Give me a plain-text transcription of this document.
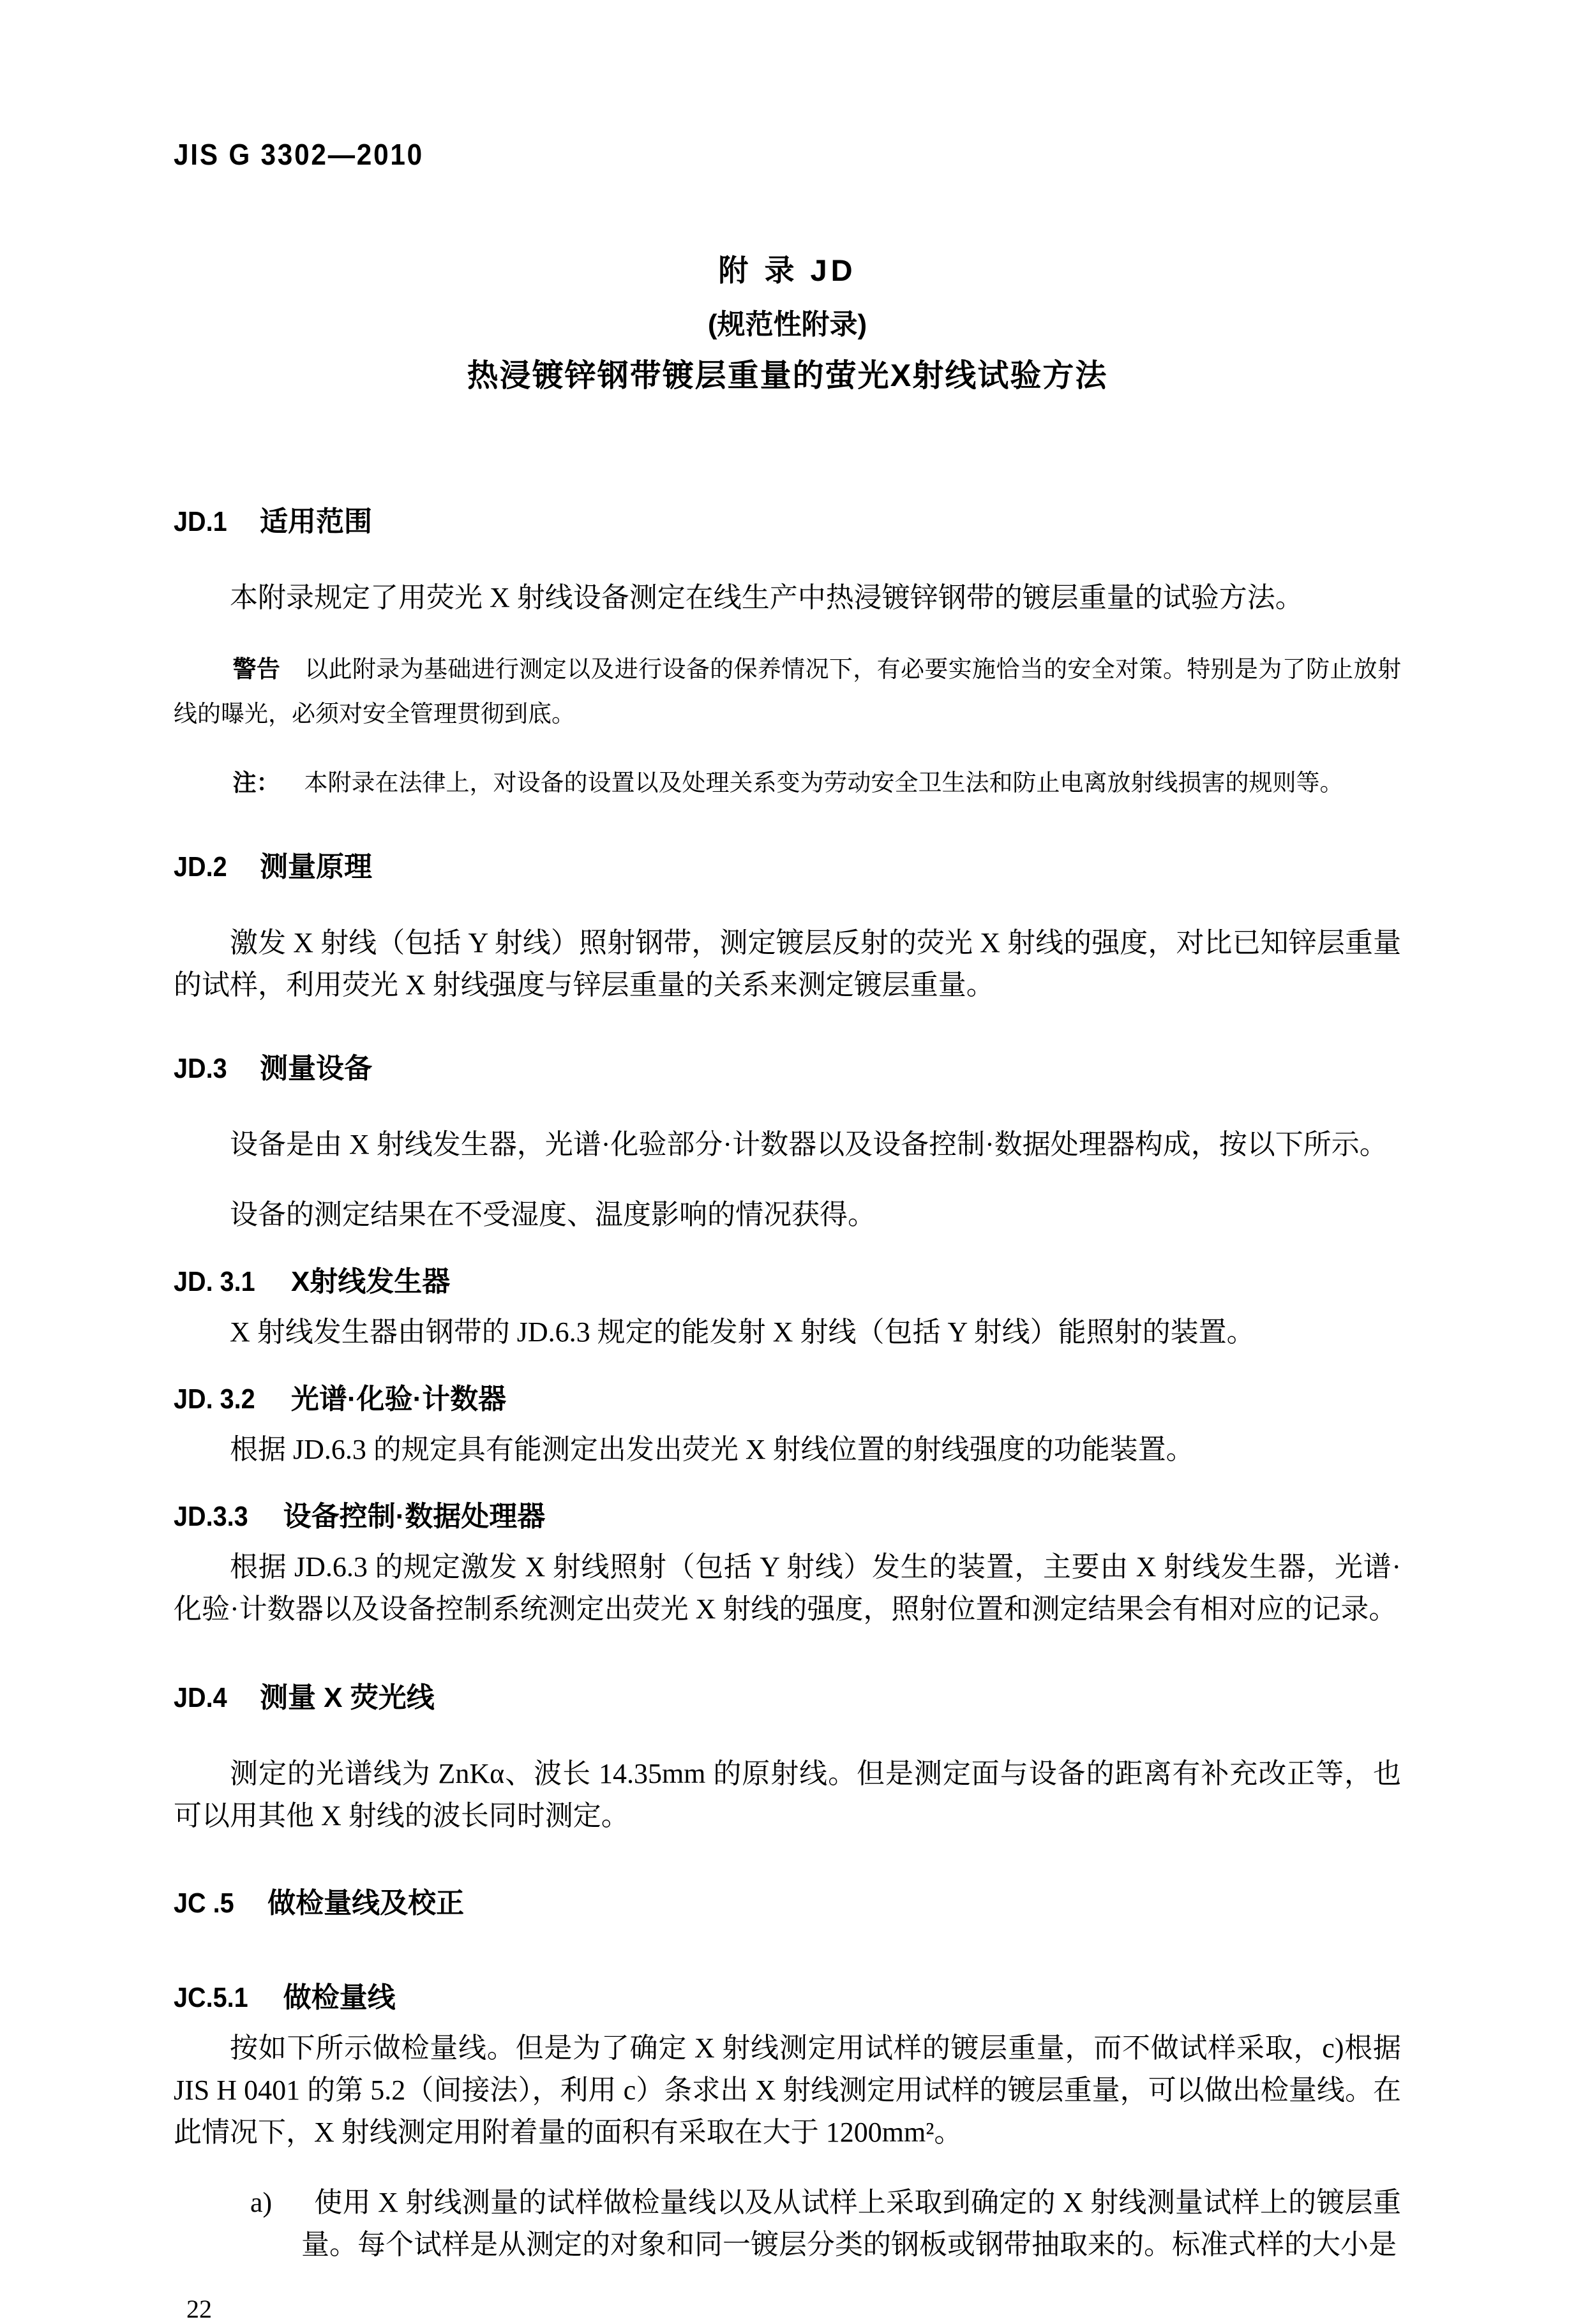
JIS G 3302—2010
附 录 JD
(规范性附录)
热浸镀锌钢带镀层重量的萤光X射线试验方法
JD.1 适用范围

本附录规定了用荧光 X 射线设备测定在线生产中热浸镀锌钢带的镀层重量的试验方法。

警告 以此附录为基础进行测定以及进行设备的保养情况下，有必要实施恰当的安全对策。特别是为了防止放射线的曝光，必须对安全管理贯彻到底。

注： 本附录在法律上，对设备的设置以及处理关系变为劳动安全卫生法和防止电离放射线损害的规则等。

JD.2 测量原理

激发 X 射线（包括 Y 射线）照射钢带，测定镀层反射的荧光 X 射线的强度，对比已知锌层重量的试样，利用荧光 X 射线强度与锌层重量的关系来测定镀层重量。

JD.3 测量设备

设备是由 X 射线发生器，光谱·化验部分·计数器以及设备控制·数据处理器构成，按以下所示。

设备的测定结果在不受湿度、温度影响的情况获得。

JD. 3.1 X射线发生器

X 射线发生器由钢带的 JD.6.3 规定的能发射 X 射线（包括 Y 射线）能照射的装置。

JD. 3.2 光谱·化验·计数器

根据 JD.6.3 的规定具有能测定出发出荧光 X 射线位置的射线强度的功能装置。

JD.3.3 设备控制·数据处理器

根据 JD.6.3 的规定激发 X 射线照射（包括 Y 射线）发生的装置，主要由 X 射线发生器，光谱·化验·计数器以及设备控制系统测定出荧光 X 射线的强度，照射位置和测定结果会有相对应的记录。

JD.4 测量 X 荧光线

测定的光谱线为 ZnKα、波长 14.35mm 的原射线。但是测定面与设备的距离有补充改正等，也可以用其他 X 射线的波长同时测定。

JC .5 做检量线及校正
JC.5.1 做检量线

按如下所示做检量线。但是为了确定 X 射线测定用试样的镀层重量，而不做试样采取，c)根据 JIS H 0401 的第 5.2（间接法），利用 c）条求出 X 射线测定用试样的镀层重量，可以做出检量线。在此情况下，X 射线测定用附着量的面积有采取在大于 1200mm²。

a) 使用 X 射线测量的试样做检量线以及从试样上采取到确定的 X 射线测量试样上的镀层重量。每个试样是从测定的对象和同一镀层分类的钢板或钢带抽取来的。标准式样的大小是

22
